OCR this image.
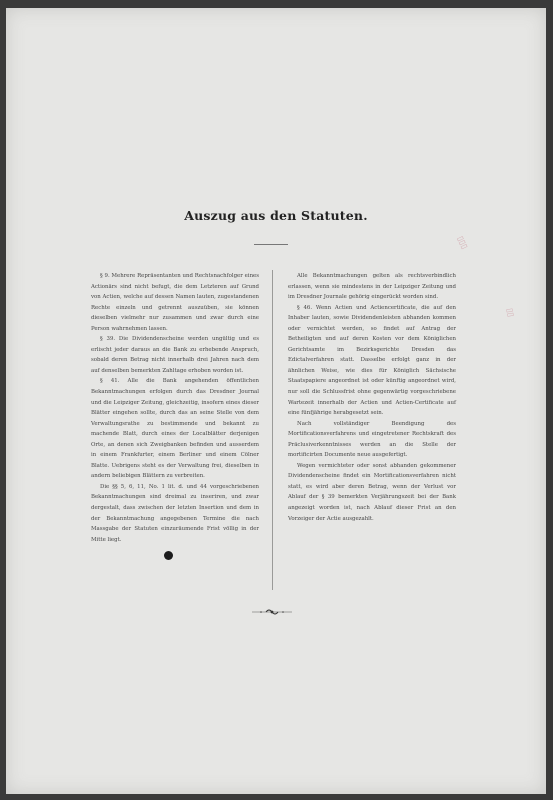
Auszug aus den Statuten.

§ 9. Mehrere Repräsentanten und Rechtsnachfolger eines Actionärs sind nicht befugt, die dem Letzteren auf Grund von Actien, welche auf dessen Namen lauten, zugestandenen Rechte einzeln und getrennt auszuüben, sie können dieselben vielmehr nur zusammen und zwar durch eine Person wahrnehmen lassen.

§ 39. Die Dividendenscheine werden ungültig und es erlischt jeder daraus an die Bank zu erhebende Anspruch, sobald deren Betrag nicht innerhalb drei Jahren nach dem auf denselben bemerkten Zahltage erhoben worden ist.

§ 41. Alle die Bank angehenden öffentlichen Bekanntmachungen erfolgen durch das Dresdner Journal und die Leipziger Zeitung, gleichzeitig, insofern eines dieser Blätter eingehen sollte, durch das an seine Stelle von dem Verwaltungsrathe zu bestimmende und bekannt zu machende Blatt, durch eines der Localblätter derjenigen Orte, an denen sich Zweigbanken befinden und ausserdem in einem Frankfurter, einem Berliner und einem Cölner Blatte. Uebrigens steht es der Verwaltung frei, dieselben in andern beliebigen Blättern zu verbreiten.

Die §§ 5, 6, 11, No. 1 lit. d. und 44 vorgeschriebenen Bekanntmachungen sind dreimal zu inseriren, und zwar dergestalt, dass zwischen der letzten Insertion und dem in der Bekanntmachung angegebenen Termine die nach Massgabe der Statuten einzuräumende Frist völlig in der Mitte liegt.

Alle Bekanntmachungen gelten als rechtsverbindlich erlassen, wenn sie mindestens in der Leipziger Zeitung und im Dresdner Journale gehörig eingerückt worden sind.

§ 46. Wenn Actien und Actiencertificate, die auf den Inhaber lauten, sowie Dividendenleisten abhanden kommen oder vernichtet werden, so findet auf Antrag der Betheiligten und auf deren Kosten vor dem Königlichen Gerichtsamte im Bezirksgerichte Dresden das Edictalverfahren statt. Dasselbe erfolgt ganz in der ähnlichen Weise, wie dies für Königlich Sächsische Staatspapiere angeordnet ist oder künftig angeordnet wird, nur soll die Schlussfrist ohne gegenwärtig vorgeschriebene Wartezeit innerhalb der Actien und Actien-Certificate auf eine fünfjährige herabgesetzt sein.

Nach vollständiger Beendigung des Mortificationsverfahrens und eingetretener Rechtskraft des Präclusiverkenntnisses werden an die Stelle der mortificirten Documente neue ausgefertigt.

Wegen vermichteter oder sonst abhanden gekommener Dividendenscheine findet ein Mortificationsverfahren nicht statt, es wird aber deren Betrag, wenn der Verlust vor Ablauf der § 39 bemerkten Verjährungszeit bei der Bank angezeigt worden ist, nach Ablauf dieser Frist an den Vorzeiger der Actie ausgezahlt.

▯▯▯
▯▯
